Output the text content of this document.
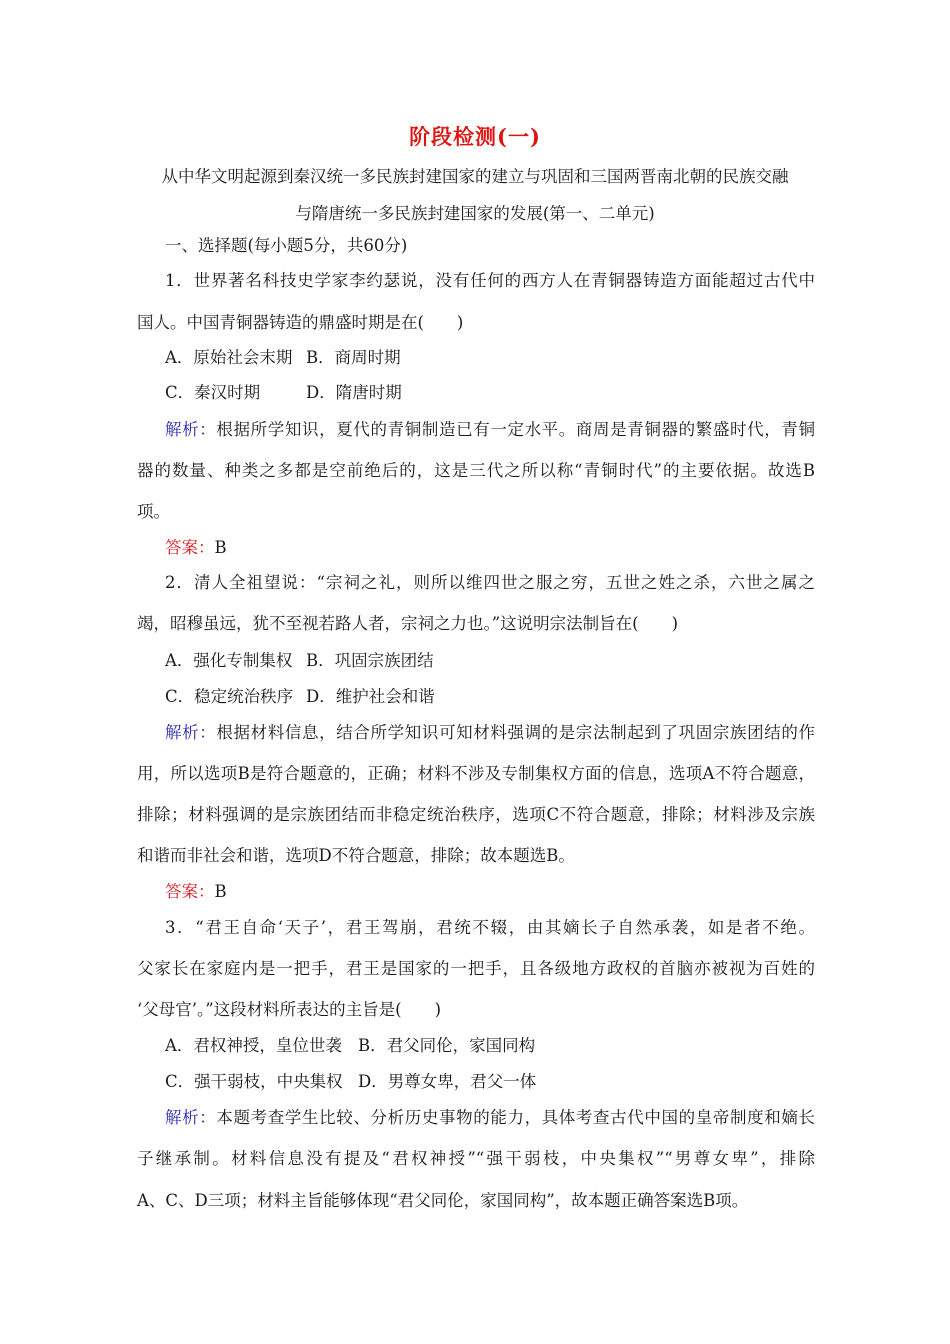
阶段检测(一)
从中华文明起源到秦汉统一多民族封建国家的建立与巩固和三国两晋南北朝的民族交融
与隋唐统一多民族封建国家的发展(第一、二单元)
一、选择题(每小题5分，共60分)
1．世界著名科技史学家李约瑟说，没有任何的西方人在青铜器铸造方面能超过古代中
国人。中国青铜器铸造的鼎盛时期是在(　　)
A．原始社会末期 B．商周时期
C．秦汉时期	D．隋唐时期
解析：根据所学知识，夏代的青铜制造已有一定水平。商周是青铜器的繁盛时代，青铜
器的数量、种类之多都是空前绝后的，这是三代之所以称“青铜时代”的主要依据。故选B
项。
答案：B
2．清人全祖望说：“宗祠之礼，则所以维四世之服之穷，五世之姓之杀，六世之属之
竭，昭穆虽远，犹不至视若路人者，宗祠之力也。”这说明宗法制旨在(　　)
A．强化专制集权 B．巩固宗族团结
C．稳定统治秩序 D．维护社会和谐
解析：根据材料信息，结合所学知识可知材料强调的是宗法制起到了巩固宗族团结的作
用，所以选项B是符合题意的，正确；材料不涉及专制集权方面的信息，选项A不符合题意，
排除；材料强调的是宗族团结而非稳定统治秩序，选项C不符合题意，排除；材料涉及宗族
和谐而非社会和谐，选项D不符合题意，排除；故本题选B。
答案：B
3．“君王自命‘天子’，君王驾崩，君统不辍，由其嫡长子自然承袭，如是者不绝。
父家长在家庭内是一把手，君王是国家的一把手，且各级地方政权的首脑亦被视为百姓的
‘父母官’。”这段材料所表达的主旨是(　　)
A．君权神授，皇位世袭 B．君父同伦，家国同构
C．强干弱枝，中央集权 D．男尊女卑，君父一体
解析：本题考查学生比较、分析历史事物的能力，具体考查古代中国的皇帝制度和嫡长
子继承制。材料信息没有提及“君权神授”“强干弱枝，中央集权”“男尊女卑”，排除
A、C、D三项；材料主旨能够体现“君父同伦，家国同构”，故本题正确答案选B项。
